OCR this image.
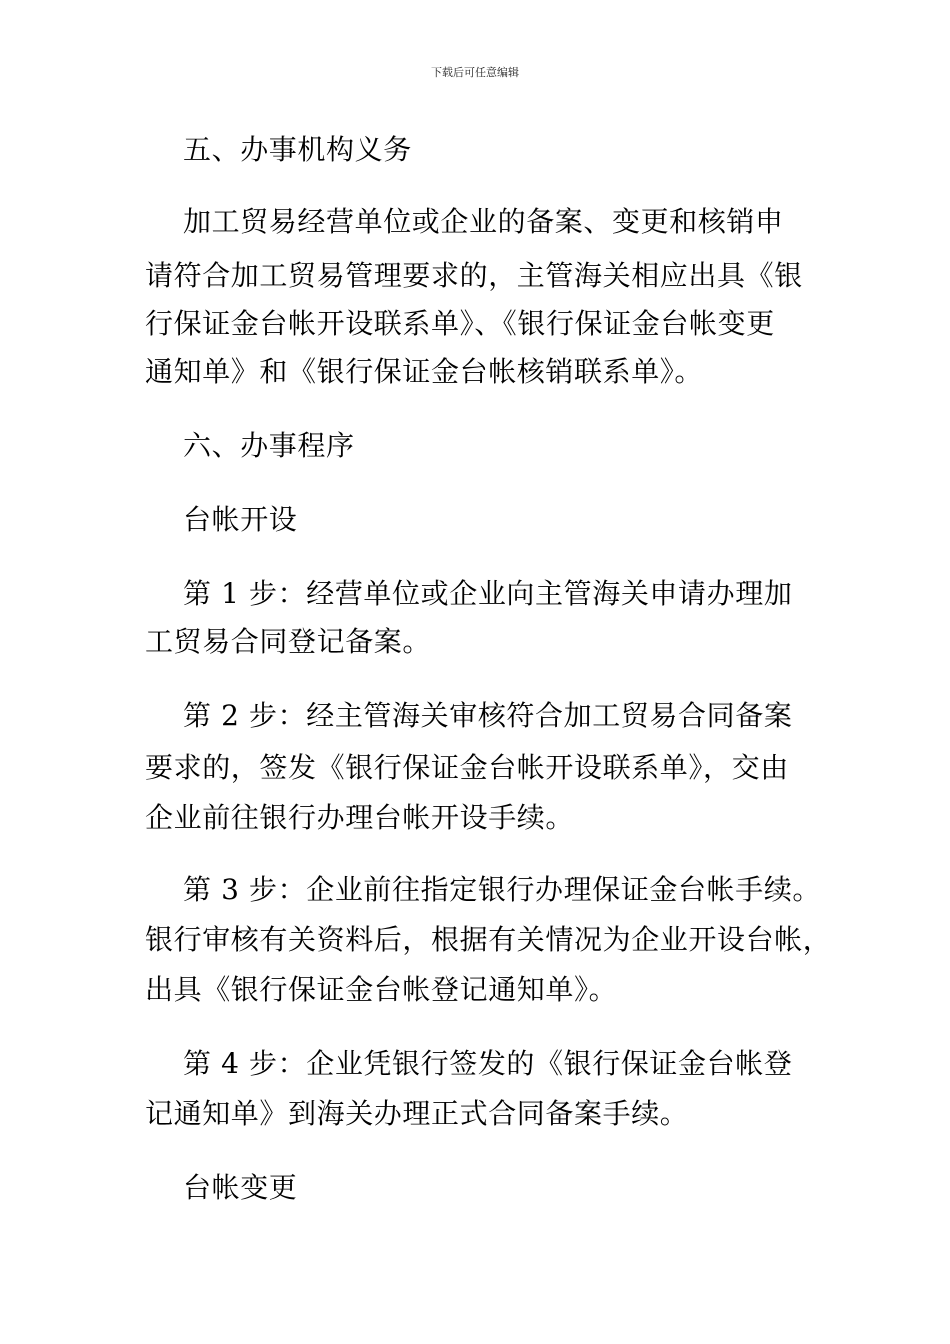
下载后可任意编辑
五、办事机构义务
加工贸易经营单位或企业的备案、变更和核销申
请符合加工贸易管理要求的，主管海关相应出具《银
行保证金台帐开设联系单》、《银行保证金台帐变更
通知单》和《银行保证金台帐核销联系单》。
六、办事程序
台帐开设
第 1 步：经营单位或企业向主管海关申请办理加
工贸易合同登记备案。
第 2 步：经主管海关审核符合加工贸易合同备案
要求的，签发《银行保证金台帐开设联系单》，交由
企业前往银行办理台帐开设手续。
第 3 步：企业前往指定银行办理保证金台帐手续。
银行审核有关资料后，根据有关情况为企业开设台帐，
出具《银行保证金台帐登记通知单》。
第 4 步：企业凭银行签发的《银行保证金台帐登
记通知单》到海关办理正式合同备案手续。
台帐变更
